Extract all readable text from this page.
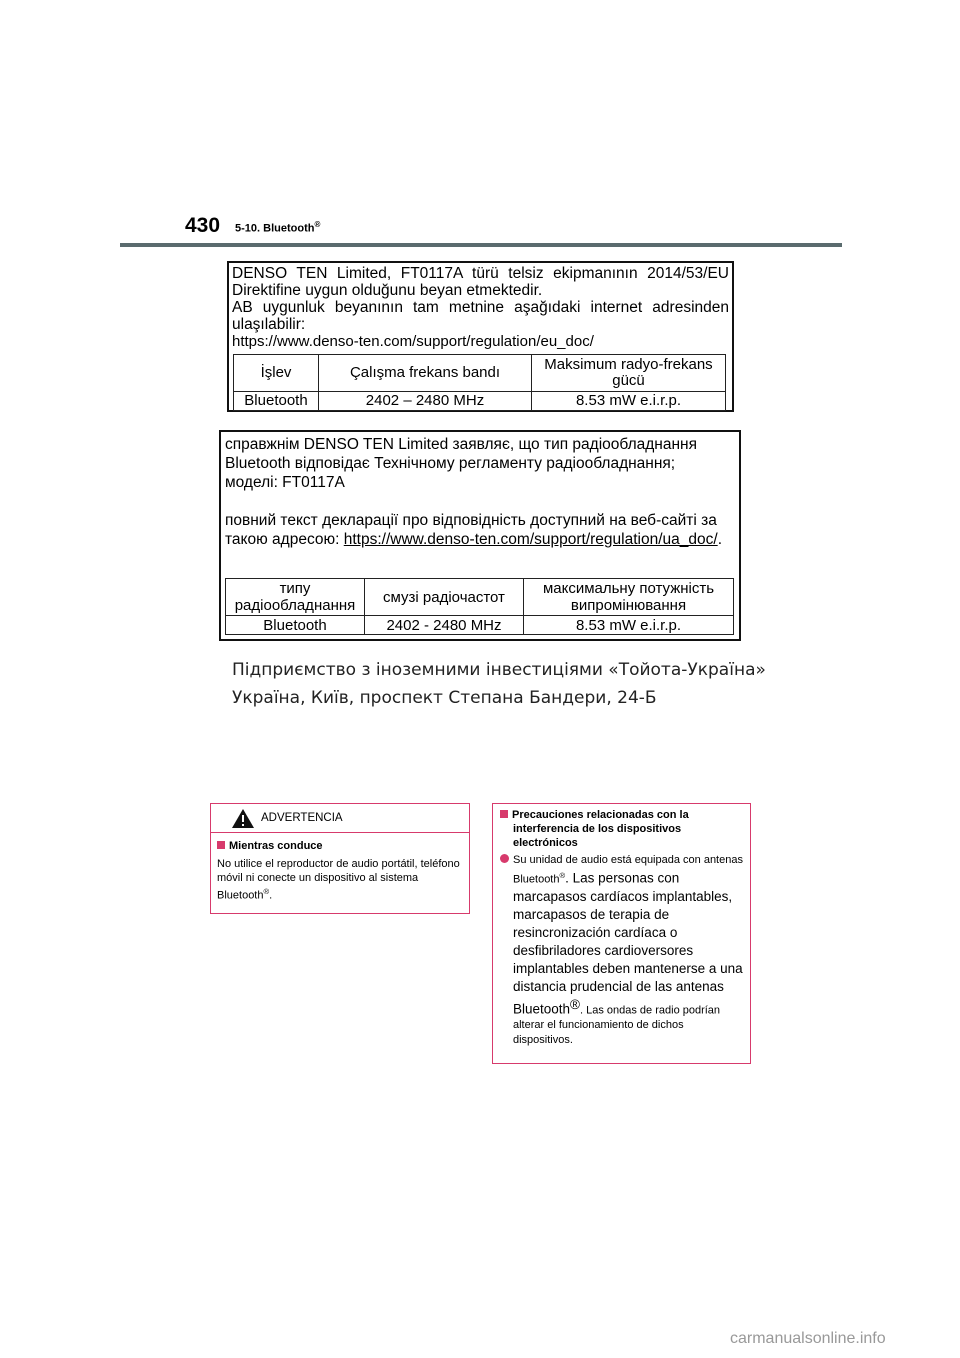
430 5-10. Bluetooth®

DENSO TEN Limited, FT0117A türü telsiz ekipmanının 2014/53/EU Direktifine uygun olduğunu beyan etmektedir.

AB uygunluk beyanının tam metnine aşağıdaki internet adresinden ulaşılabilir:

https://www.denso-ten.com/support/regulation/eu_doc/

İşlev	Çalışma frekans bandı	Maksimum radyo-frekans gücü
Bluetooth	2402 – 2480 MHz	8.53 mW e.i.r.p.

справжнім DENSO TEN Limited заявляє, що тип радіообладнання Bluetooth відповідає Технічному регламенту радіообладнання;

моделі: FT0117A

повний текст декларації про відповідність доступний на веб-сайті за такою адресою: https://www.denso-ten.com/support/regulation/ua_doc/.

типу радіообладнання	смузі радіочастот	максимальну потужність випромінювання
Bluetooth	2402 - 2480 MHz	8.53 mW e.i.r.p.
Підприємство з іноземними інвестиціями «Тойота-Україна»
Україна, Київ, проспект Степана Бандери, 24-Б
ADVERTENCIA
Mientras conduce
No utilice el reproductor de audio portátil, teléfono móvil ni conecte un dispositivo al sistema Bluetooth®.
Precauciones relacionadas con la interferencia de los dispositivos electrónicos
Su unidad de audio está equipada con antenas Bluetooth®. Las personas con marcapasos cardíacos implantables, marcapasos de terapia de resincronización cardíaca o desfibriladores cardioversores implantables deben mantenerse a una distancia prudencial de las antenas Bluetooth®. Las ondas de radio podrían alterar el funcionamiento de dichos dispositivos.
carmanualsonline.info
